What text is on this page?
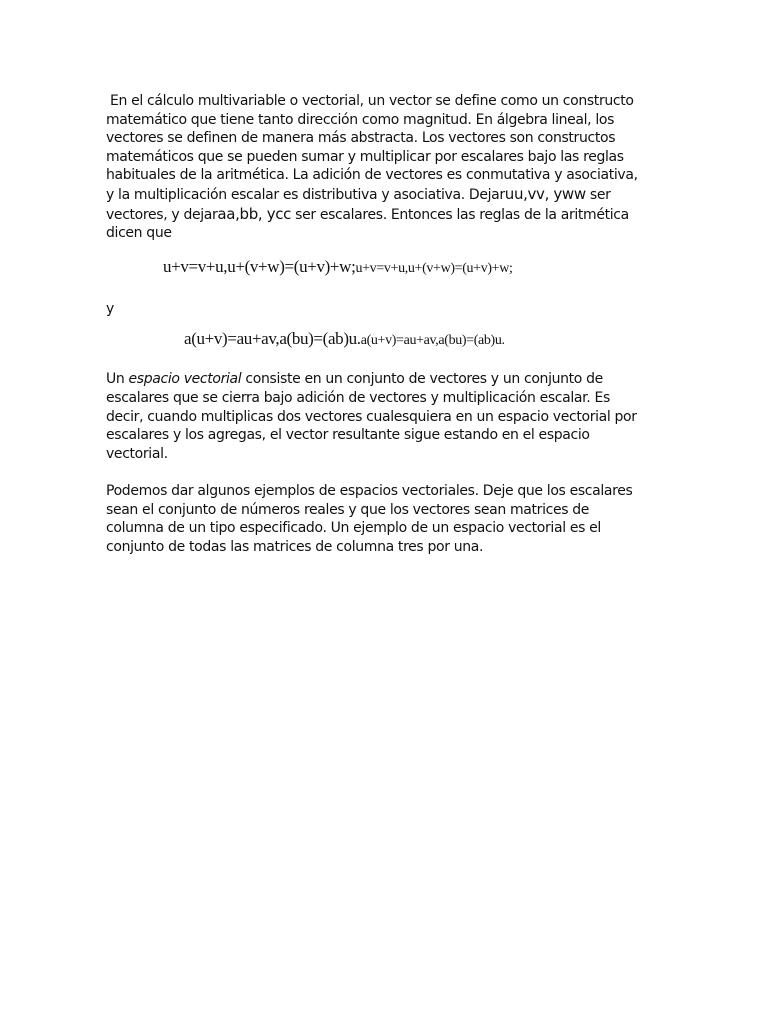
En el cálculo multivariable o vectorial, un vector se define como un constructo matemático que tiene tanto dirección como magnitud. En álgebra lineal, los vectores se definen de manera más abstracta. Los vectores son constructos matemáticos que se pueden sumar y multiplicar por escalares bajo las reglas habituales de la aritmética. La adición de vectores es conmutativa y asociativa, y la multiplicación escalar es distributiva y asociativa. Dejaruu,vv, yww ser vectores, y dejaraa,bb, ycc ser escalares. Entonces las reglas de la aritmética dicen que

u+v=v+u,u+(v+w)=(u+v)+w;u+v=v+u,u+(v+w)=(u+v)+w;

y

a(u+v)=au+av,a(bu)=(ab)u.a(u+v)=au+av,a(bu)=(ab)u.

Un espacio vectorial consiste en un conjunto de vectores y un conjunto de escalares que se cierra bajo adición de vectores y multiplicación escalar. Es decir, cuando multiplicas dos vectores cualesquiera en un espacio vectorial por escalares y los agregas, el vector resultante sigue estando en el espacio vectorial.

Podemos dar algunos ejemplos de espacios vectoriales. Deje que los escalares sean el conjunto de números reales y que los vectores sean matrices de columna de un tipo especificado. Un ejemplo de un espacio vectorial es el conjunto de todas las matrices de columna tres por una.
